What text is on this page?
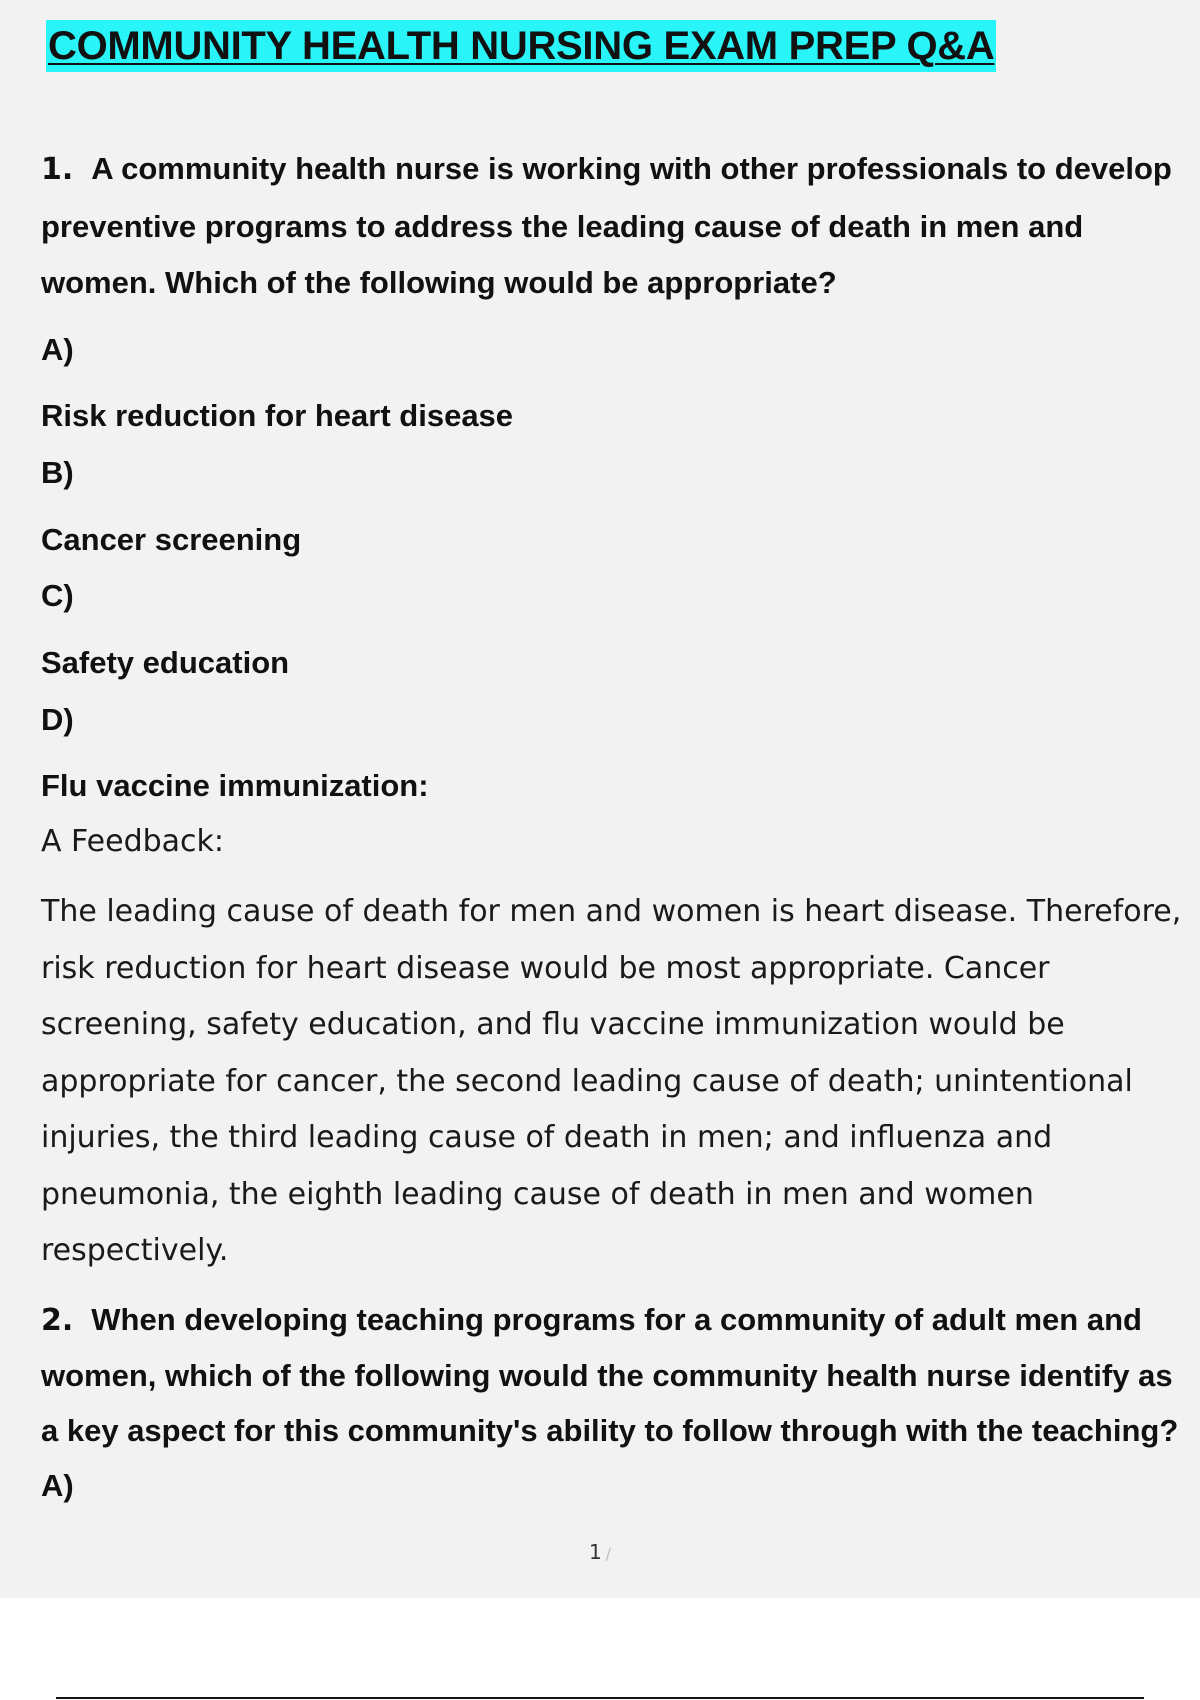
COMMUNITY HEALTH NURSING EXAM PREP Q&A

1. A community health nurse is working with other professionals to develop preventive programs to address the leading cause of death in men and women. Which of the following would be appropriate?

A)

Risk reduction for heart disease

B)

Cancer screening

C)

Safety education

D)

Flu vaccine immunization:

A Feedback:

The leading cause of death for men and women is heart disease. Therefore, risk reduction for heart disease would be most appropriate. Cancer screening, safety education, and flu vaccine immunization would be appropriate for cancer, the second leading cause of death; unintentional injuries, the third leading cause of death in men; and influenza and pneumonia, the eighth leading cause of death in men and women respectively.

2. When developing teaching programs for a community of adult men and women, which of the following would the community health nurse identify as a key aspect for this community's ability to follow through with the teaching? A)

1 /
